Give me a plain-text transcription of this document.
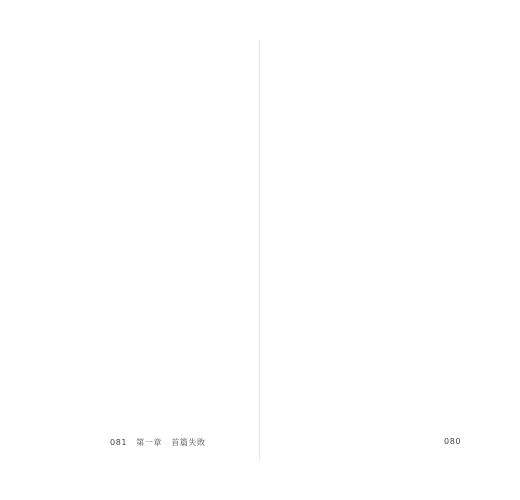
081 第一章 首篇失敗	080
